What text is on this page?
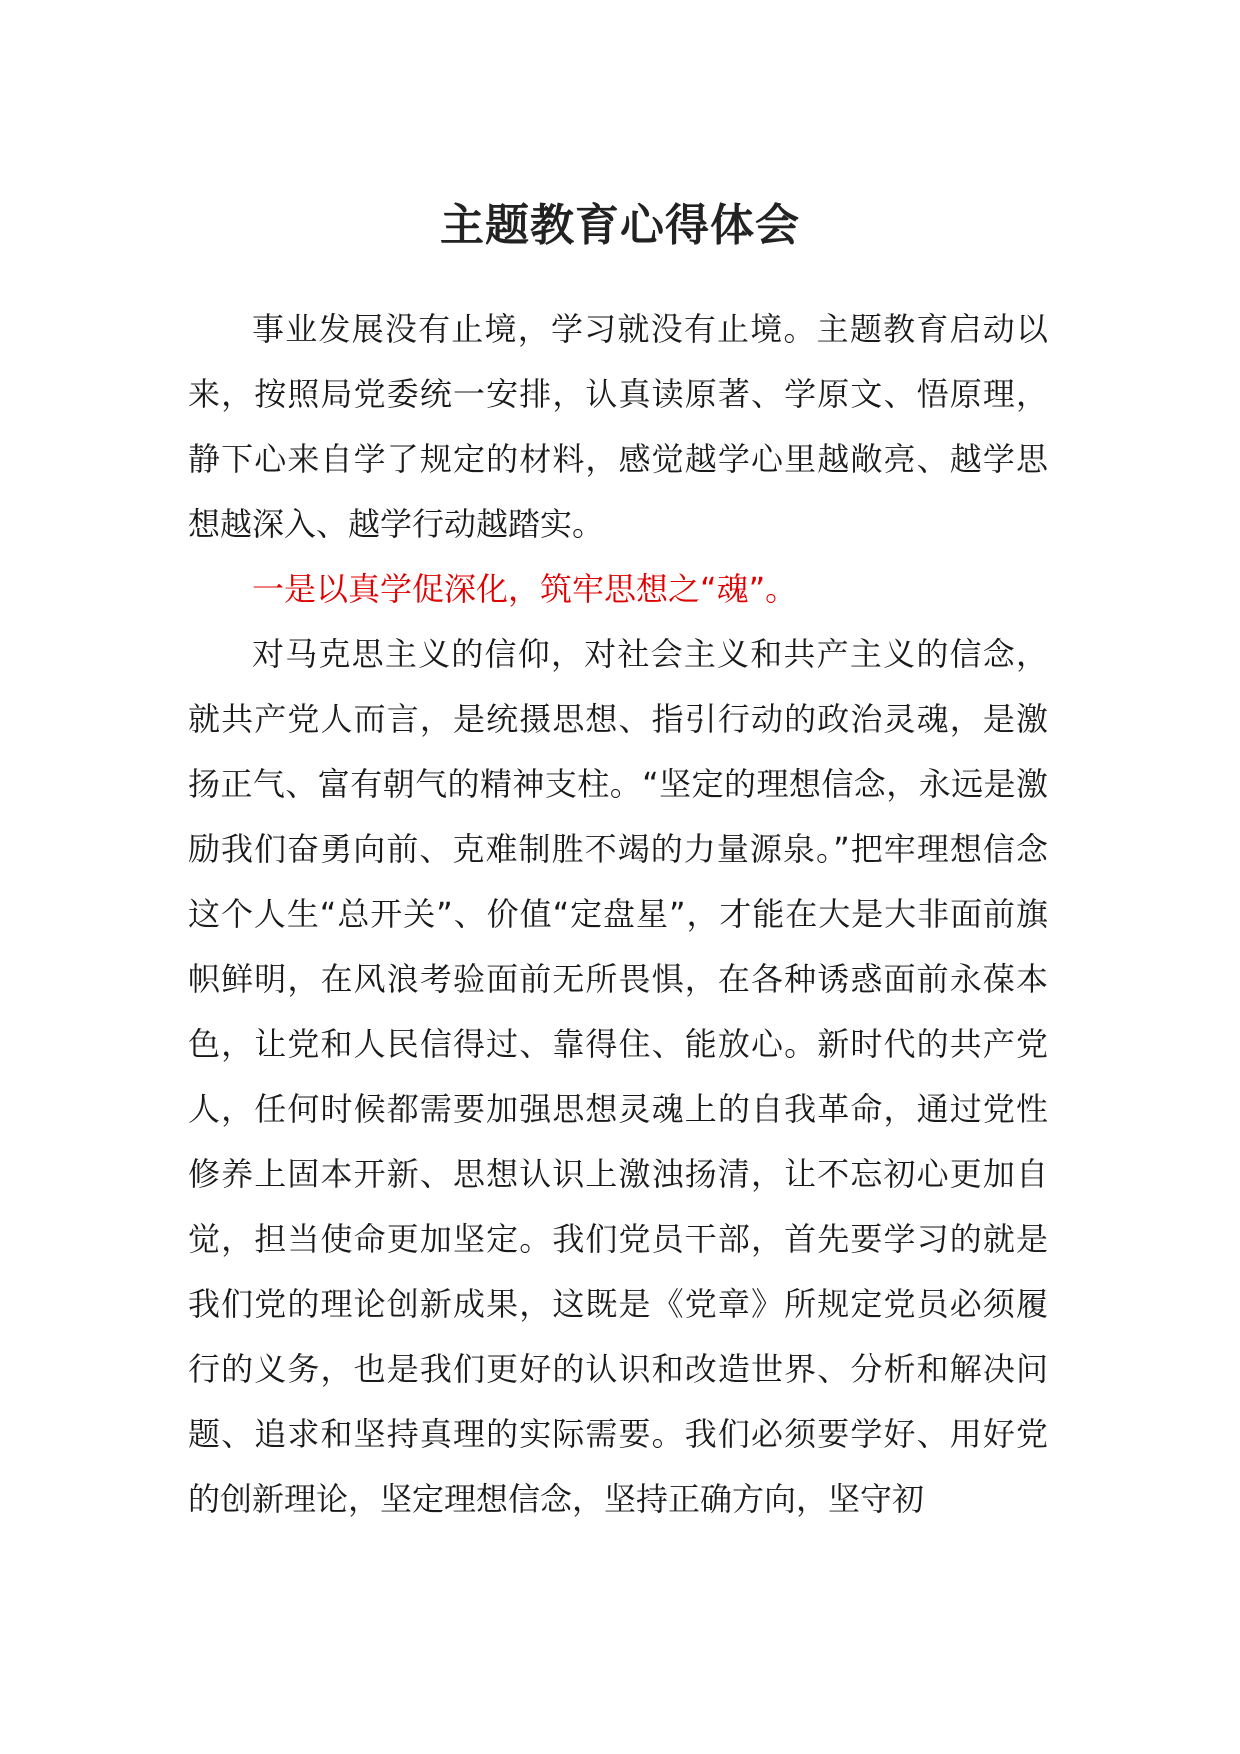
主题教育心得体会

事业发展没有止境，学习就没有止境。主题教育启动以来，按照局党委统一安排，认真读原著、学原文、悟原理，静下心来自学了规定的材料，感觉越学心里越敞亮、越学思想越深入、越学行动越踏实。

一是以真学促深化，筑牢思想之“魂”。

对马克思主义的信仰，对社会主义和共产主义的信念，就共产党人而言，是统摄思想、指引行动的政治灵魂，是激扬正气、富有朝气的精神支柱。“坚定的理想信念，永远是激励我们奋勇向前、克难制胜不竭的力量源泉。”把牢理想信念这个人生“总开关”、价值“定盘星”，才能在大是大非面前旗帜鲜明，在风浪考验面前无所畏惧，在各种诱惑面前永葆本色，让党和人民信得过、靠得住、能放心。新时代的共产党人，任何时候都需要加强思想灵魂上的自我革命，通过党性修养上固本开新、思想认识上激浊扬清，让不忘初心更加自觉，担当使命更加坚定。我们党员干部，首先要学习的就是我们党的理论创新成果，这既是《党章》所规定党员必须履行的义务，也是我们更好的认识和改造世界、分析和解决问题、追求和坚持真理的实际需要。我们必须要学好、用好党的创新理论，坚定理想信念，坚持正确方向，坚守初
